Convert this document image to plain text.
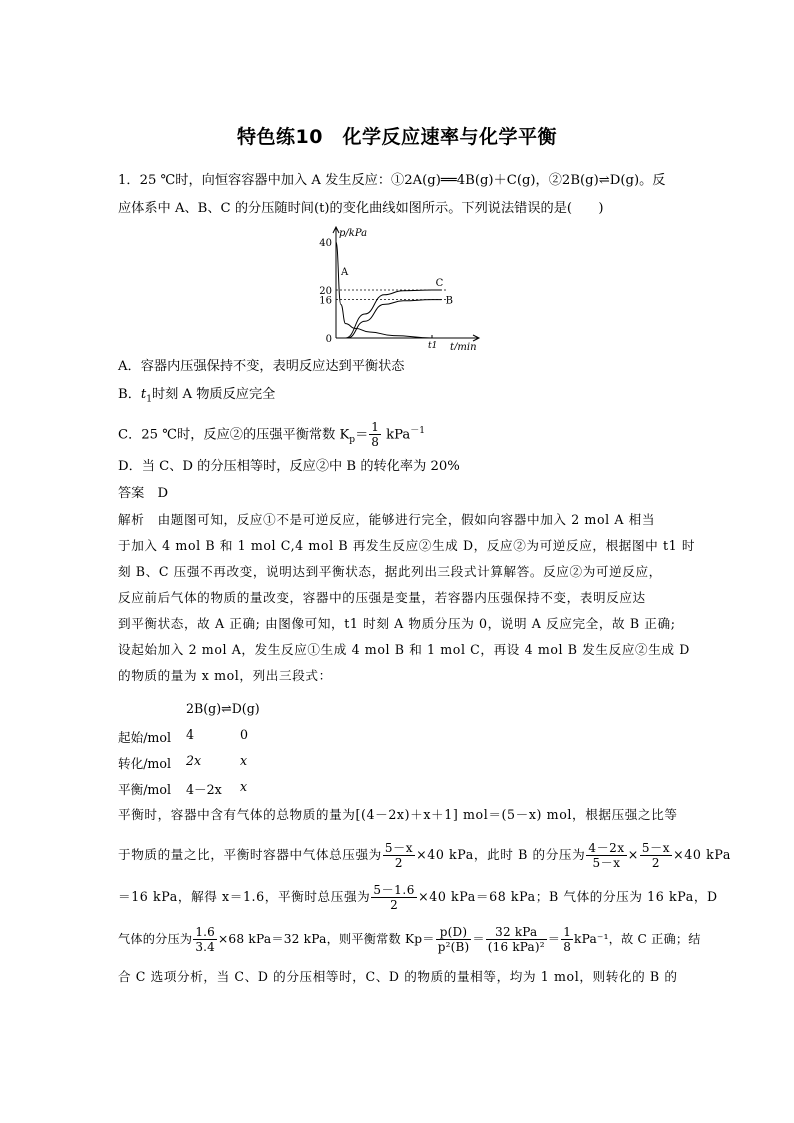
特色练10　化学反应速率与化学平衡
1．25 ℃时，向恒容容器中加入 A 发生反应：①2A(g)══4B(g)＋C(g)，②2B(g)⇌D(g)。反
应体系中 A、B、C 的分压随时间(t)的变化曲线如图所示。下列说法错误的是(　　)
40
20
16
0
t1
p/kPa
t/min
A
C
B
A．容器内压强保持不变，表明反应达到平衡状态
B．$t_1$时刻 A 物质反应完全
C．25 ℃时，反应②的压强平衡常数 $K_p= \frac{1}{8} kPa^{-1}$
D．当 C、D 的分压相等时，反应②中 B 的转化率为 20%
答案　D
解析　由题图可知，反应①不是可逆反应，能够进行完全，假如向容器中加入 2 mol A 相当
于加入 4 mol B 和 1 mol C,4 mol B 再发生反应②生成 D，反应②为可逆反应，根据图中 t1 时
刻 B、C 压强不再改变，说明达到平衡状态，据此列出三段式计算解答。反应②为可逆反应，
反应前后气体的物质的量改变，容器中的压强是变量，若容器内压强保持不变，表明反应达
到平衡状态，故 A 正确; 由图像可知，t1 时刻 A 物质分压为 0，说明 A 反应完全，故 B 正确;
设起始加入 2 mol A，发生反应①生成 4 mol B 和 1 mol C，再设 4 mol B 发生反应②生成 D
的物质的量为 x mol，列出三段式：
2B(g)⇌D(g)
起始/mol 4	0
转化/mol 2x	x
平衡/mol 4－2x x
平衡时，容器中含有气体的总物质的量为[(4－2x)＋x＋1] mol＝(5－x) mol，根据压强之比等
于物质的量之比，平衡时容器中气体总压强为 $\frac{5-x}{2} \times 40$ kPa，此时 B 的分压为 $\frac{4-2x}{5-x} \times \frac{5-x}{2} \times 40$ kPa
＝16 kPa，解得 x＝1.6，平衡时总压强为 $\frac{5-1.6}{2} \times 40$ kPa＝68 kPa；B 气体的分压为 16 kPa，D
气体的分压为 $\frac{1.6}{3.4} \times 68$ kPa＝32 kPa，则平衡常数 $Kp= \frac{p(D)}{\text{p²(B)}} = \frac{\text{32 kPa}}{\text{(16 kPa)²}} = \frac{1}{8} kPa^{-1}$，故 C 正确；结
合 C 选项分析，当 C、D 的分压相等时，C、D 的物质的量相等，均为 1 mol，则转化的 B 的
